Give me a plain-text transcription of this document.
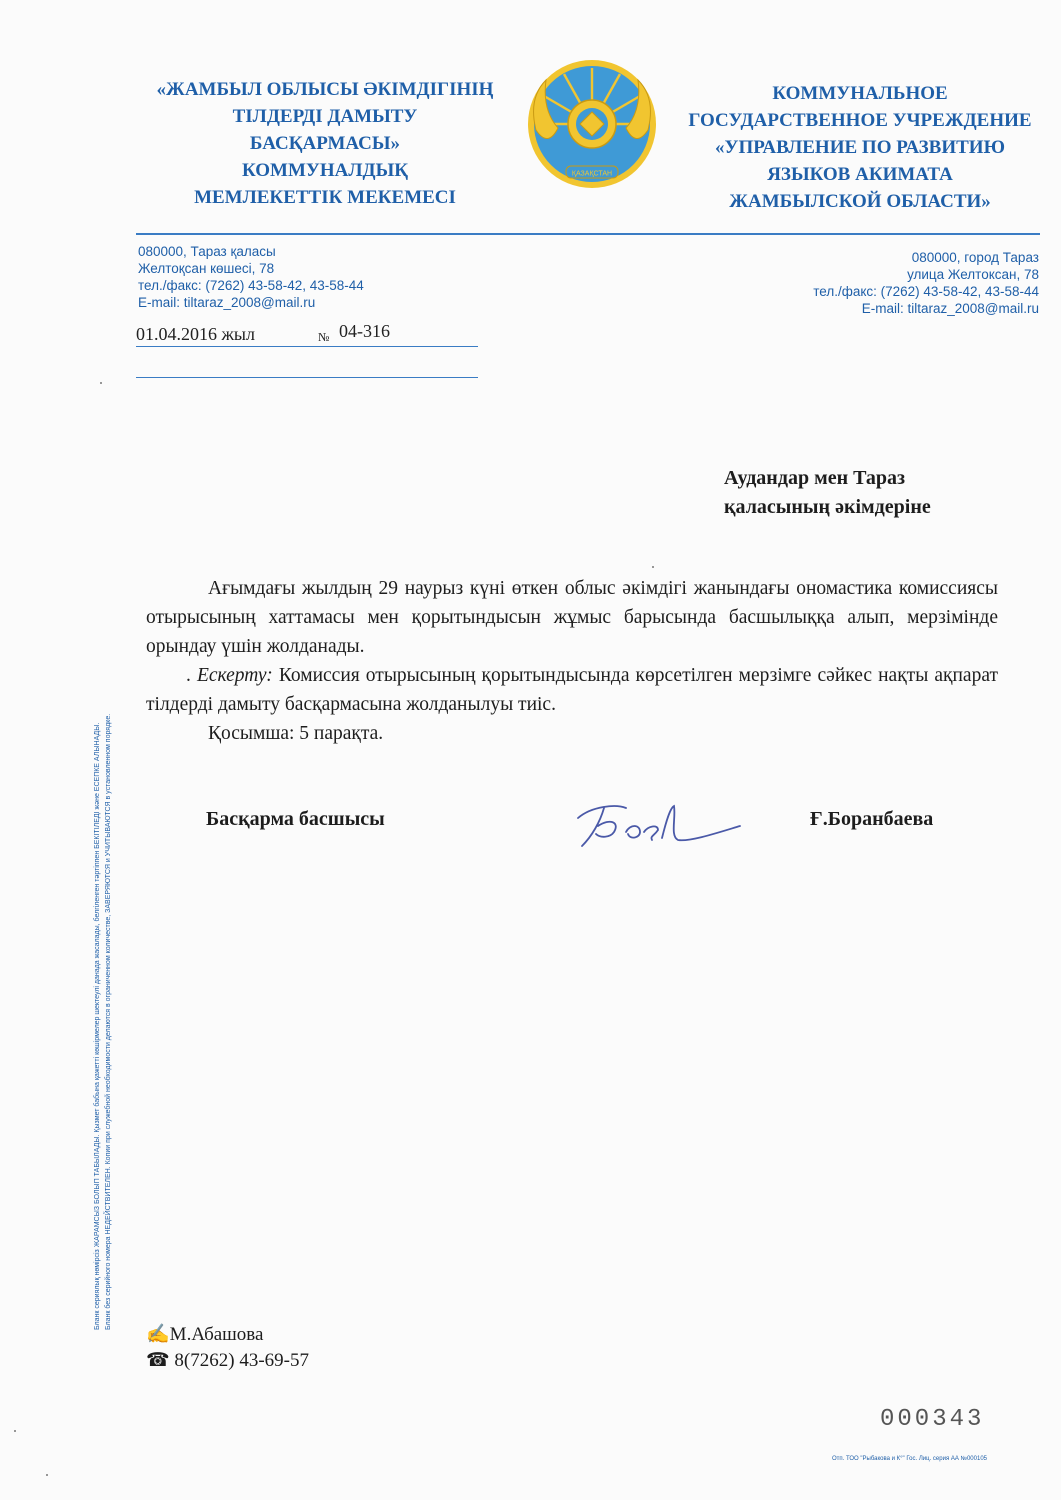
«ЖАМБЫЛ ОБЛЫСЫ ӘКІМДІГІНІҢ
ТІЛДЕРДІ ДАМЫТУ
БАСҚАРМАСЫ»
КОММУНАЛДЫҚ
МЕМЛЕКЕТТІК МЕКЕМЕСІ
ҚАЗАҚСТАН
КОММУНАЛЬНОЕ
ГОСУДАРСТВЕННОЕ УЧРЕЖДЕНИЕ
«УПРАВЛЕНИЕ ПО РАЗВИТИЮ
ЯЗЫКОВ АКИМАТА
ЖАМБЫЛСКОЙ ОБЛАСТИ»
080000, Тараз қаласы
Желтоқсан көшесі, 78
тел./факс: (7262) 43-58-42, 43-58-44
E-mail: tiltaraz_2008@mail.ru
080000, город Тараз
улица Желтоксан, 78
тел./факс: (7262) 43-58-42, 43-58-44
E-mail: tiltaraz_2008@mail.ru
01.04.2016 жыл	№ 04-316
Бланк сериялық нөмірсіз ЖАРАМСЫЗ БОЛЫП ТАБЫЛАДЫ. Қызмет бабына қажетті көшірмелер шектеулі данада жасалады, белгіленген тәртіппен БЕКІТІЛЕДІ және ЕСЕПКЕ АЛЫНАДЫ. Бланк без серийного номера НЕДЕЙСТВИТЕЛЕН. Копии при служебной необходимости делаются в ограниченном количестве, ЗАВЕРЯЮТСЯ и УЧИТЫВАЮТСЯ в установленном порядке.
Аудандар мен Тараз
қаласының әкімдеріне

Ағымдағы жылдың 29 наурыз күні өткен облыс әкімдігі жанындағы ономастика комиссиясы отырысының хаттамасы мен қорытындысын жұмыс барысында басшылыққа алып, мерзімінде орындау үшін жолданады.

. Ескерту: Комиссия отырысының қорытындысында көрсетілген мерзімге сәйкес нақты ақпарат тілдерді дамыту басқармасына жолданылуы тиіс.

Қосымша: 5 парақта.

Басқарма басшысы	Ғ.Боранбаева
✍М.Абашова
☎ 8(7262) 43-69-57
000343
Отп. ТОО "Рыбакова и К°" Гос. Лиц. серия АА №000105
